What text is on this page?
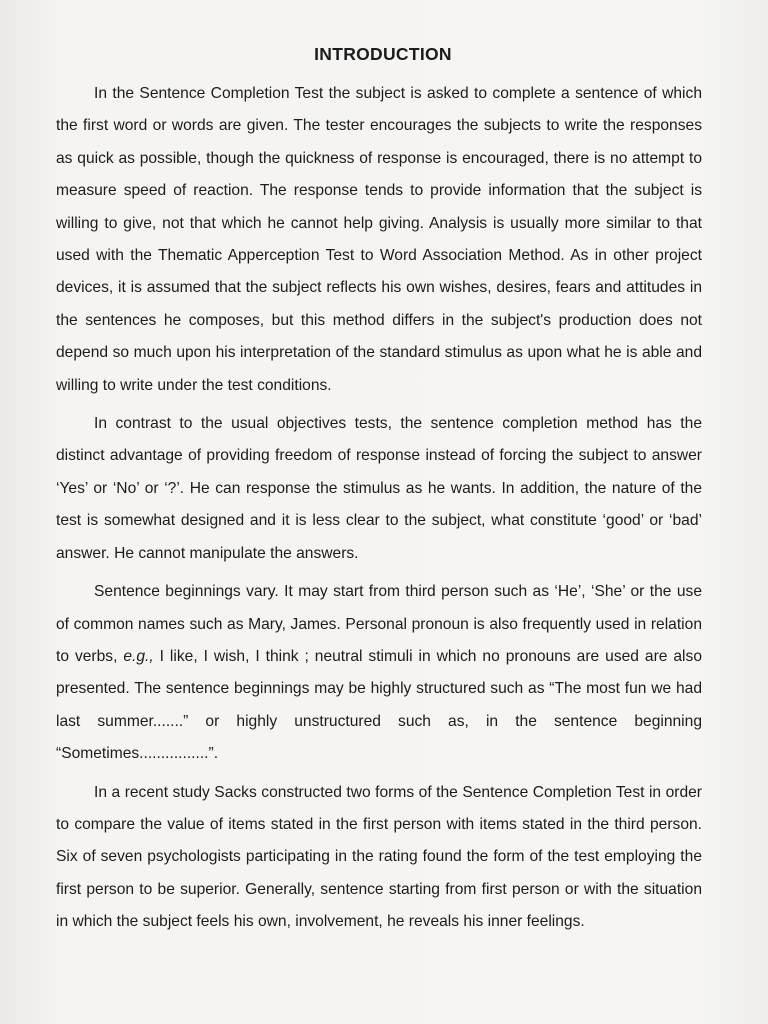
INTRODUCTION

In the Sentence Completion Test the subject is asked to complete a sentence of which the first word or words are given. The tester encourages the subjects to write the responses as quick as possible, though the quickness of response is encouraged, there is no attempt to measure speed of reaction. The response tends to provide information that the subject is willing to give, not that which he cannot help giving. Analysis is usually more similar to that used with the Thematic Apperception Test to Word Association Method. As in other project devices, it is assumed that the subject reflects his own wishes, desires, fears and attitudes in the sentences he composes, but this method differs in the subject's production does not depend so much upon his interpretation of the standard stimulus as upon what he is able and willing to write under the test conditions.

In contrast to the usual objectives tests, the sentence completion method has the distinct advantage of providing freedom of response instead of forcing the subject to answer ‘Yes’ or ‘No’ or ‘?’. He can response the stimulus as he wants. In addition, the nature of the test is somewhat designed and it is less clear to the subject, what constitute ‘good’ or ‘bad’ answer. He cannot manipulate the answers.

Sentence beginnings vary. It may start from third person such as ‘He’, ‘She’ or the use of common names such as Mary, James. Personal pronoun is also frequently used in relation to verbs, e.g., I like, I wish, I think ; neutral stimuli in which no pronouns are used are also presented. The sentence beginnings may be highly structured such as “The most fun we had last summer.......” or highly unstructured such as, in the sentence beginning “Sometimes................”.

In a recent study Sacks constructed two forms of the Sentence Completion Test in order to compare the value of items stated in the first person with items stated in the third person. Six of seven psychologists participating in the rating found the form of the test employing the first person to be superior. Generally, sentence starting from first person or with the situation in which the subject feels his own, involvement, he reveals his inner feelings.
